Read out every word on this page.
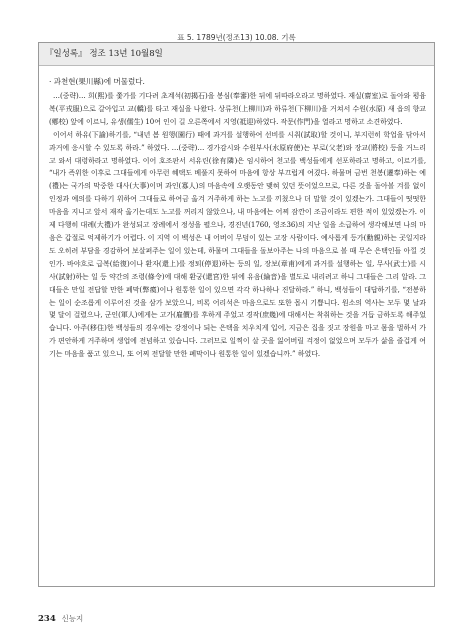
표 5. 1789년(정조13) 10.08. 기록
『일성록』 정조 13년 10월8일

· 과천현(果川縣)에 머물렀다.

…(중략)… 희(熙)를 쫓가를 기다려 초계석(初揭石)을 봉심(奉審)한 뒤에 뒤따라오라고 명하였다. 재실(齋室)로 돌아와 평융복(平戎服)으로 갈아입고 교(轎)를 타고 재실을 나왔다. 상류천(上柳川)과 하류천(下柳川)을 거쳐서 수원(水原) 새 읍의 향교(鄕校) 앞에 이르니, 유생(儒生) 10여 인이 길 오른쪽에서 지영(祗迎)하였다. 작문(作門)을 열라고 명하고 소견하였다.

이어서 하유(下諭)하기를, “내년 봄 원행(園行) 때에 과거를 설행하여 선비를 시취(試取)할 것이니, 부지런히 학업을 닦아서 과거에 응시할 수 있도록 하라.” 하였다. …(중략)… 경가감시와 수원부사(水原府使)는 부로(父老)와 장교(將校) 등을 거느리고 와서 대령하라고 명하였다. 이어 호조판서 서유린(徐有隣)은 임시하여 천고를 백성들에게 선포하라고 명하고, 이르기를, “내가 즉위한 이후로 그대들에게 아무런 혜택도 베풀지 못하여 마음에 항상 부끄럽게 여겼다. 하물며 금번 천봉(遷奉)하는 예(禮)는 국가의 막중한 대사(大事)이며 과인(寡人)의 마음속에 오랫동안 맺혀 있던 뜻이었으므로, 다른 것을 돌아볼 겨를 없이 인정과 예의를 다하기 위하여 그대들로 하여금 옮겨 거주하게 하는 노고를 끼쳤으나 더 말할 것이 있겠는가. 그대들이 떳떳한 마음을 지니고 앞서 재작 옮기는데도 노고를 꺼리지 않았으나, 내 마음에는 어찌 잠깐이 조금이라도 편한 적이 있었겠는가. 이제 다행히 대례(大禮)가 완성되고 장례에서 정성을 펼으나, 경진년(1760, 영조36)의 지난 일을 소급하여 생각해보면 나의 마음은 갑절로 억제하기가 어렵다. 이 지역 이 백성은 내 어버이 무덤이 있는 고장 사람이다. 예사롭게 등가(勳親)하는 곳일지라도 오히려 부담을 경감하여 보살펴주는 일이 있는데, 하물며 그대들을 돌보아주는 나의 마음으로 볼 때 무슨 은택인들 아낄 것인가. 바야흐로 급복(給復)이나 환자(還上)를 정퇴(停退)하는 등의 일, 장보(章甫)에게 과거를 설행하는 일, 무사(武士)를 시사(試射)하는 일 등 약간의 조령(條令)에 대해 환궁(還宮)한 뒤에 유음(綸音)을 별도로 내리려고 하니 그대들은 그리 알라. 그대들은 만일 전답할 만한 폐막(弊瘼)이나 원통한 일이 있으면 각각 하나하나 진달하라.” 하니, 백성들이 대답하기를, “전봉하는 일이 순조롭게 이루어진 것을 삼가 보았으니, 비록 어리석은 마음으로도 또한 몹시 기쁩니다. 원소의 역사는 모두 몇 날과 몇 달이 걸렸으나, 군인(軍人)에게는 고가(雇價)를 후하게 주었고 경작(庶幾)에 대해서는 착취하는 것을 거듭 금하도록 해주었습니다. 아주(移住)한 백성들의 경우에는 강정이나 되는 은택을 치우치게 입어, 지금은 집을 짓고 장원을 마고 몸을 벌하서 가가 편안하게 거주하며 생업에 전념하고 있습니다. 그러므로 일찍이 살 곳을 잃어버릴 걱정이 없었으며 모두가 삶을 즐겁게 여기는 마음을 품고 있으니, 또 어찌 전달할 만한 폐막이나 원통한 일이 있겠습니까.” 하였다.

234 신능지
